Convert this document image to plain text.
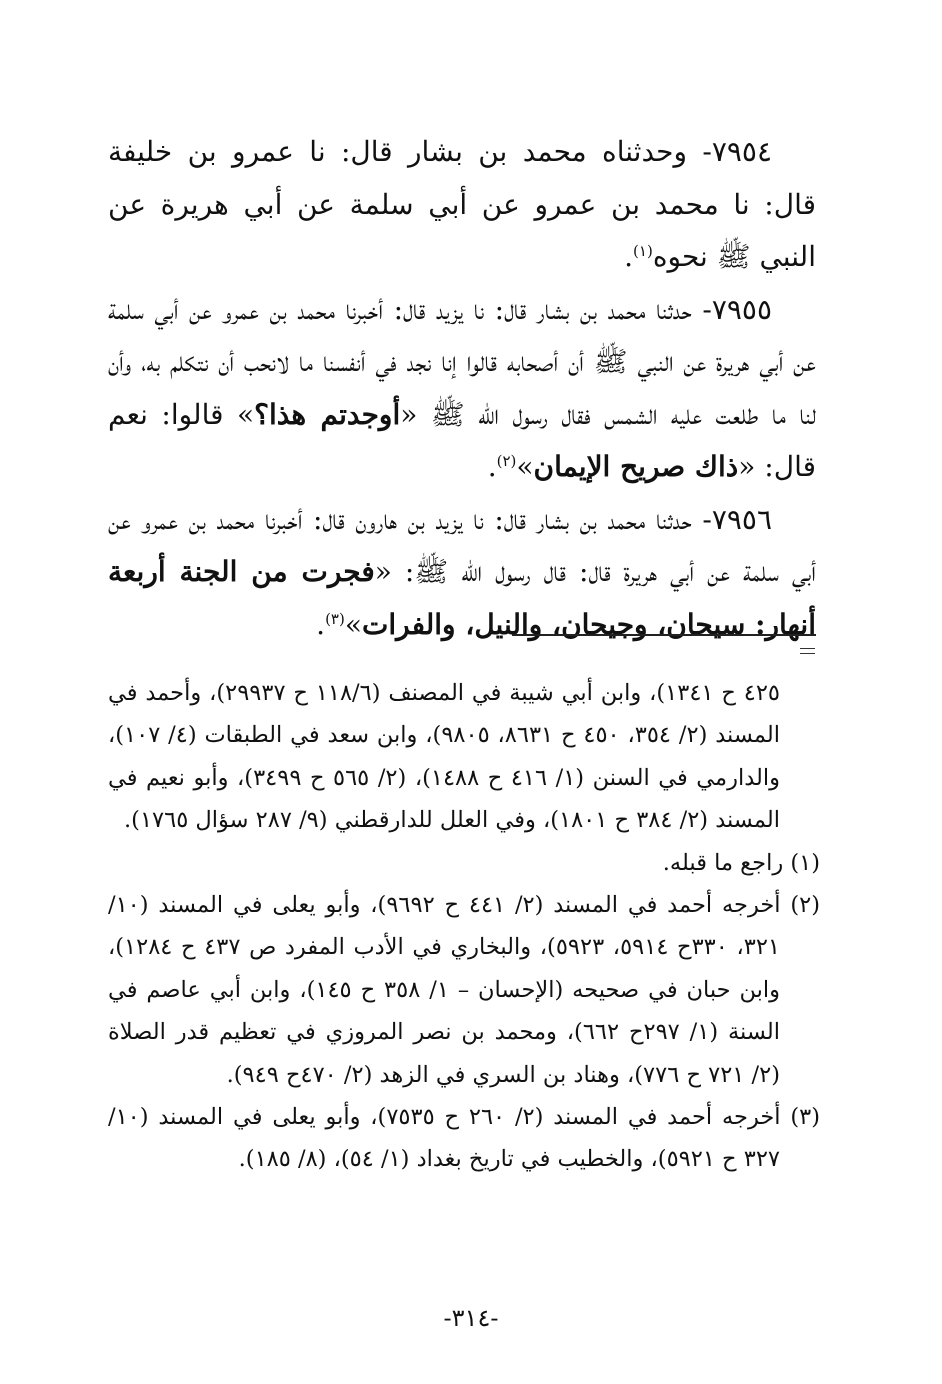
٧٩٥٤- وحدثناه محمد بن بشار قال: نا عمرو بن خليفة قال: نا محمد بن عمرو عن أبي سلمة عن أبي هريرة عن النبي ﷺ نحوه$^{(١)}$.

٧٩٥٥- حدثنا محمد بن بشار قال: نا يزيد قال: أخبرنا محمد بن عمرو عن أبي سلمة عن أبي هريرة عن النبي ﷺ أن أصحابه قالوا إنا نجد في أنفسنا ما لانحب أن نتكلم به، وأن لنا ما طلعت عليه الشمس فقال رسول الله ﷺ «أوجدتم هذا؟» قالوا: نعم قال: «ذاك صريح الإيمان»$^{(٢)}$.

٧٩٥٦- حدثنا محمد بن بشار قال: نا يزيد بن هارون قال: أخبرنا محمد بن عمرو عن أبي سلمة عن أبي هريرة قال: قال رسول الله ﷺ: «فجرت من الجنة أربعة أنهار: سيحان، وجيحان، والنيل، والفرات»$^{(٣)}$.

٤٢٥ ح ١٣٤١)، وابن أبي شيبة في المصنف (١١٨/٦ ح ٢٩٩٣٧)، وأحمد في المسند (٢/ ٣٥٤، ٤٥٠ ح ٨٦٣١، ٩٨٠٥)، وابن سعد في الطبقات (٤/ ١٠٧)، والدارمي في السنن (١/ ٤١٦ ح ١٤٨٨)، (٢/ ٥٦٥ ح ٣٤٩٩)، وأبو نعيم في المسند (٢/ ٣٨٤ ح ١٨٠١)، وفي العلل للدارقطني (٩/ ٢٨٧ سؤال ١٧٦٥).

(١) راجع ما قبله.

(٢) أخرجه أحمد في المسند (٢/ ٤٤١ ح ٩٦٩٢)، وأبو يعلى في المسند (١٠/ ٣٢١، ٣٣٠ح ٥٩١٤، ٥٩٢٣)، والبخاري في الأدب المفرد ص ٤٣٧ ح ١٢٨٤)، وابن حبان في صحيحه (الإحسان – ١/ ٣٥٨ ح ١٤٥)، وابن أبي عاصم في السنة (١/ ٢٩٧ح ٦٦٢)، ومحمد بن نصر المروزي في تعظيم قدر الصلاة (٢/ ٧٢١ ح ٧٧٦)، وهناد بن السري في الزهد (٢/ ٤٧٠ح ٩٤٩).

(٣) أخرجه أحمد في المسند (٢/ ٢٦٠ ح ٧٥٣٥)، وأبو يعلى في المسند (١٠/ ٣٢٧ ح ٥٩٢١)، والخطيب في تاريخ بغداد (١/ ٥٤)، (٨/ ١٨٥).

-٣١٤-
